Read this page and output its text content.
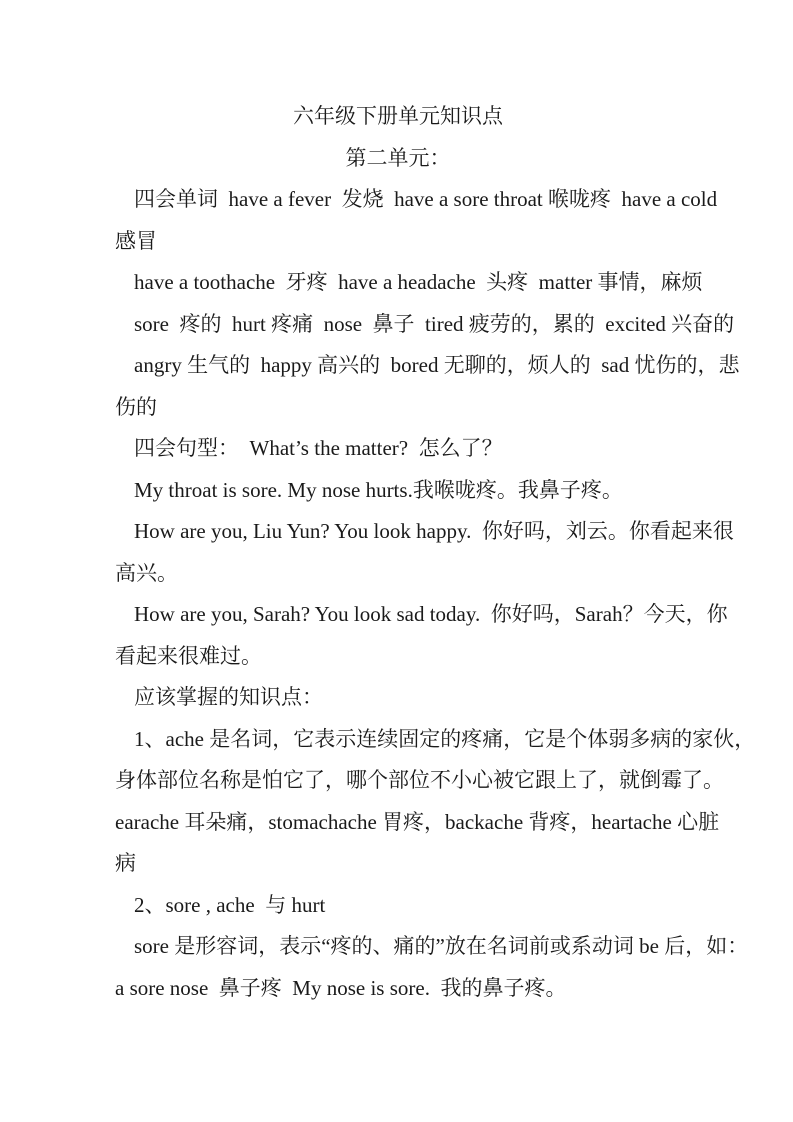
六年级下册单元知识点
第二单元：
四会单词  have a fever  发烧  have a sore throat 喉咙疼  have a cold
感冒
have a toothache  牙疼  have a headache  头疼  matter 事情，麻烦
sore  疼的  hurt 疼痛  nose  鼻子  tired 疲劳的，累的  excited 兴奋的
angry 生气的  happy 高兴的  bored 无聊的，烦人的  sad 忧伤的，悲
伤的
四会句型：  What’s the matter?  怎么了？
My throat is sore. My nose hurts.我喉咙疼。我鼻子疼。
How are you, Liu Yun? You look happy.  你好吗，刘云。你看起来很
高兴。
How are you, Sarah? You look sad today.  你好吗，Sarah？今天，你
看起来很难过。
应该掌握的知识点：
1、ache 是名词，它表示连续固定的疼痛，它是个体弱多病的家伙，
身体部位名称是怕它了，哪个部位不小心被它跟上了，就倒霉了。
earache 耳朵痛，stomachache 胃疼，backache 背疼，heartache 心脏
病
2、sore , ache  与 hurt
sore 是形容词，表示“疼的、痛的”放在名词前或系动词 be 后，如：
a sore nose  鼻子疼  My nose is sore.  我的鼻子疼。
